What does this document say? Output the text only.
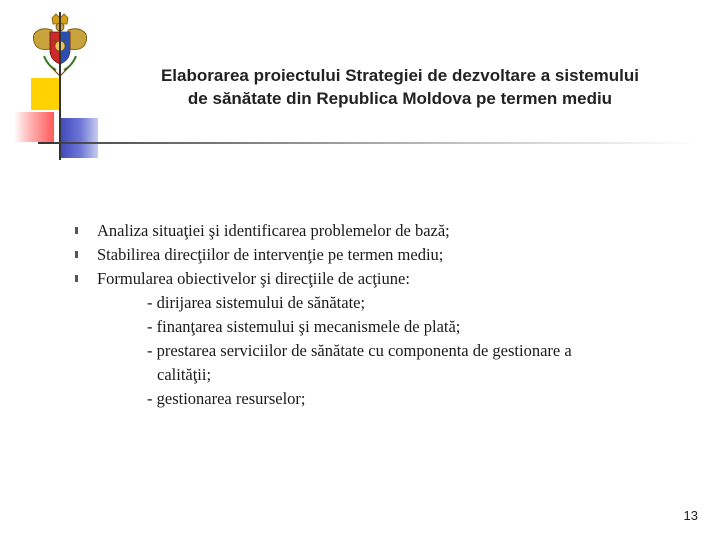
Elaborarea proiectului Strategiei de dezvoltare a sistemului
de sănătate din Republica Moldova pe termen mediu
Analiza situaţiei şi identificarea problemelor de bază;
Stabilirea direcţiilor de intervenţie pe termen mediu;
Formularea obiectivelor şi direcţiile de acţiune:
- dirijarea sistemului de sănătate;
- finanţarea sistemului şi mecanismele de plată;
- prestarea serviciilor de sănătate cu componenta de gestionare a
calităţii;
- gestionarea resurselor;
13
